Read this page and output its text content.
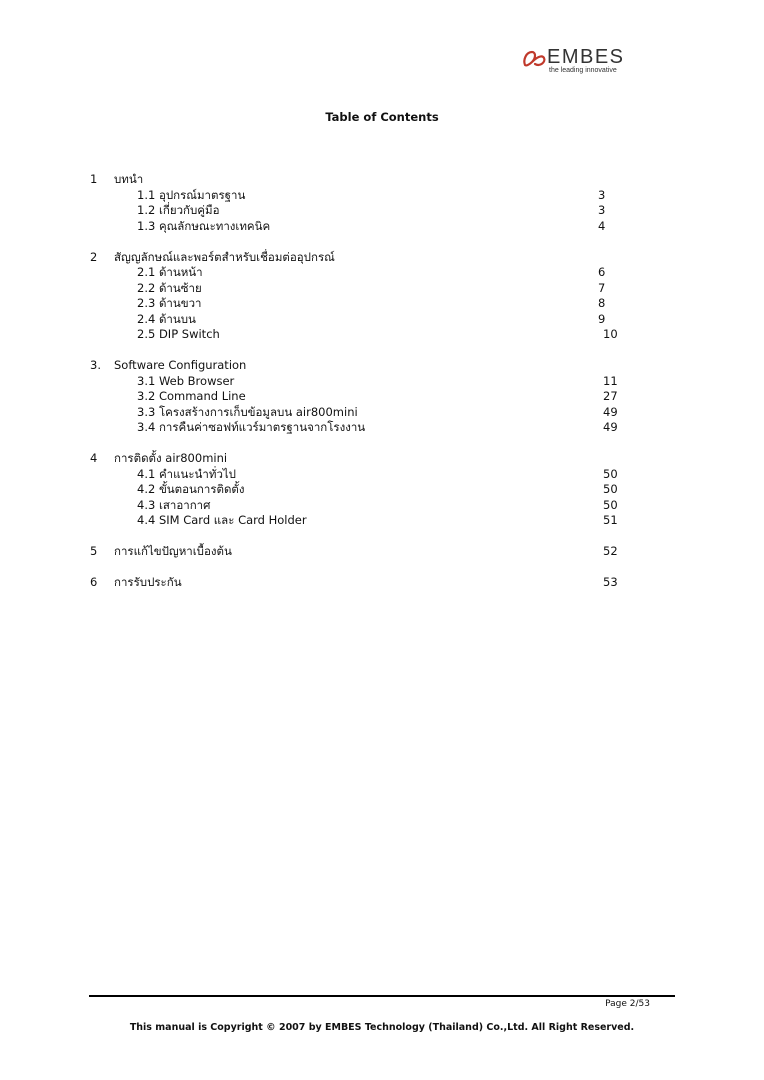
EMBES
the leading innovative
Table of Contents
1 บทนำ
1.1 อุปกรณ์มาตรฐาน	3
1.2 เกี่ยวกับคู่มือ	3
1.3 คุณลักษณะทางเทคนิค	4
2 สัญญลักษณ์และพอร์ตสำหรับเชื่อมต่ออุปกรณ์
2.1 ด้านหน้า	6
2.2 ด้านซ้าย	7
2.3 ด้านขวา	8
2.4 ด้านบน	9
2.5 DIP Switch	10
3. Software Configuration
3.1 Web Browser	11
3.2 Command Line	27
3.3 โครงสร้างการเก็บข้อมูลบน air800mini	49
3.4 การคืนค่าซอฟท์แวร์มาตรฐานจากโรงงาน	49
4 การติดตั้ง air800mini
4.1 คำแนะนำทั่วไป	50
4.2 ขั้นตอนการติดตั้ง	50
4.3 เสาอากาศ	50
4.4 SIM Card และ Card Holder	51
5 การแก้ไขปัญหาเบื้องต้น	52
6 การรับประกัน	53
Page 2/53
This manual is Copyright © 2007 by EMBES Technology (Thailand) Co.,Ltd. All Right Reserved.
